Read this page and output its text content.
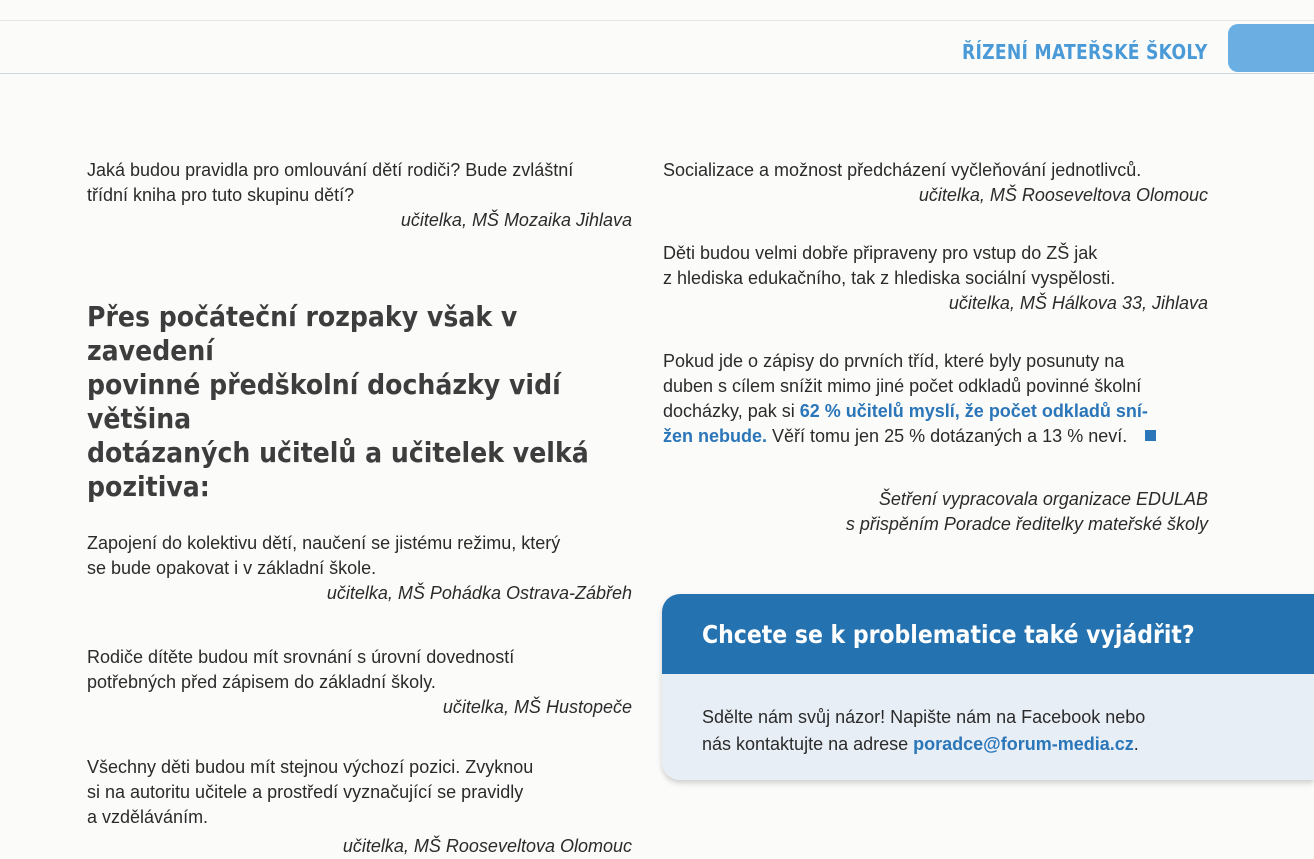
ŘÍZENÍ MATEŘSKÉ ŠKOLY

Jaká budou pravidla pro omlouvání dětí rodiči? Bude zvláštní

třídní kniha pro tuto skupinu dětí?

učitelka, MŠ Mozaika Jihlava

Přes počáteční rozpaky však v zavedení
povinné předškolní docházky vidí většina
dotázaných učitelů a učitelek velká
pozitiva:

Zapojení do kolektivu dětí, naučení se jistému režimu, který

se bude opakovat i v základní škole.

učitelka, MŠ Pohádka Ostrava-Zábřeh

Rodiče dítěte budou mít srovnání s úrovní dovedností

potřebných před zápisem do základní školy.

učitelka, MŠ Hustopeče

Všechny děti budou mít stejnou výchozí pozici. Zvyknou

si na autoritu učitele a prostředí vyznačující se pravidly

a vzděláváním.

učitelka, MŠ Rooseveltova Olomouc

Socializace a možnost předcházení vyčleňování jednotlivců.

učitelka, MŠ Rooseveltova Olomouc

Děti budou velmi dobře připraveny pro vstup do ZŠ jak

z hlediska edukačního, tak z hlediska sociální vyspělosti.

učitelka, MŠ Hálkova 33, Jihlava

Pokud jde o zápisy do prvních tříd, které byly posunuty na

duben s cílem snížit mimo jiné počet odkladů povinné školní

docházky, pak si 62 % učitelů myslí, že počet odkladů sní-

žen nebude. Věří tomu jen 25 % dotázaných a 13 % neví.

Šetření vypracovala organizace EDULAB

s přispěním Poradce ředitelky mateřské školy

Chcete se k problematice také vyjádřit?
Sdělte nám svůj názor! Napište nám na Facebook nebo
nás kontaktujte na adrese poradce@forum-media.cz.
